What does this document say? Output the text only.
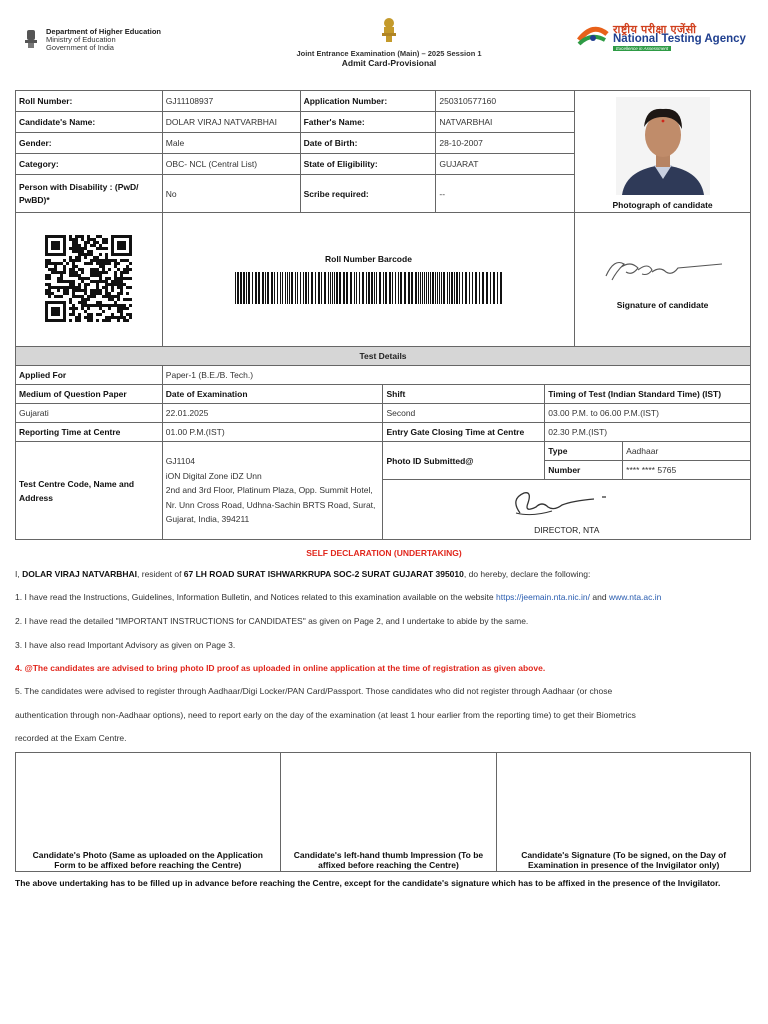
Department of Higher Education
Ministry of Education
Government of India
Joint Entrance Examination (Main) – 2025 Session 1
Admit Card-Provisional
राष्ट्रीय परीक्षा एजेंसी
National Testing Agency
Excellence in Assessment
Roll Number:	GJ11108937	Application Number:	250310577160	Photograph of candidate

Candidate's Name:	DOLAR VIRAJ NATVARBHAI	Father's Name:	NATVARBHAI	
Gender:	Male	Date of Birth:	28-10-2007	
Category:	OBC- NCL (Central List)	State of Eligibility:	GUJARAT	
Person with Disability : (PwD/ PwBD)*	No	Scribe required:	--	

Roll Number Barcode			Signature of candidate
Test Details				
Applied For	Paper-1 (B.E./B. Tech.)			
Medium of Question Paper	Date of Examination	Shift	Timing of Test (Indian Standard Time) (IST)	
Gujarati	22.01.2025	Second	03.00 P.M. to 06.00 P.M.(IST)	
Reporting Time at Centre	01.00 P.M.(IST)	Entry Gate Closing Time at Centre	02.30 P.M.(IST)	
Test Centre Code, Name and Address	GJ1104
iON Digital Zone iDZ Unn
2nd and 3rd Floor, Platinum Plaza, Opp. Summit Hotel, Nr. Unn Cross Road, Udhna-Sachin BRTS Road, Surat, Gujarat, India, 394211	Photo ID Submitted@	Type	Aadhaar
			Number	**** **** 5765

		DIRECTOR, NTA		
SELF DECLARATION (UNDERTAKING)
I, DOLAR VIRAJ NATVARBHAI, resident of 67 LH ROAD SURAT ISHWARKRUPA SOC-2 SURAT GUJARAT 395010, do hereby, declare the following:
1. I have read the Instructions, Guidelines, Information Bulletin, and Notices related to this examination available on the website https://jeemain.nta.nic.in/ and www.nta.ac.in
2. I have read the detailed "IMPORTANT INSTRUCTIONS for CANDIDATES" as given on Page 2, and I undertake to abide by the same.
3. I have also read Important Advisory as given on Page 3.
4. @The candidates are advised to bring photo ID proof as uploaded in online application at the time of registration as given above.
5. The candidates were advised to register through Aadhaar/Digi Locker/PAN Card/Passport. Those candidates who did not register through Aadhaar (or chose
authentication through non-Aadhaar options), need to report early on the day of the examination (at least 1 hour earlier from the reporting time) to get their Biometrics
recorded at the Exam Centre.
Candidate's Photo (Same as uploaded on the Application Form to be affixed before reaching the Centre)	Candidate's left-hand thumb Impression (To be affixed before reaching the Centre)	Candidate's Signature (To be signed, on the Day of Examination in presence of the Invigilator only)
The above undertaking has to be filled up in advance before reaching the Centre, except for the candidate's signature which has to be affixed in the presence of the Invigilator.
